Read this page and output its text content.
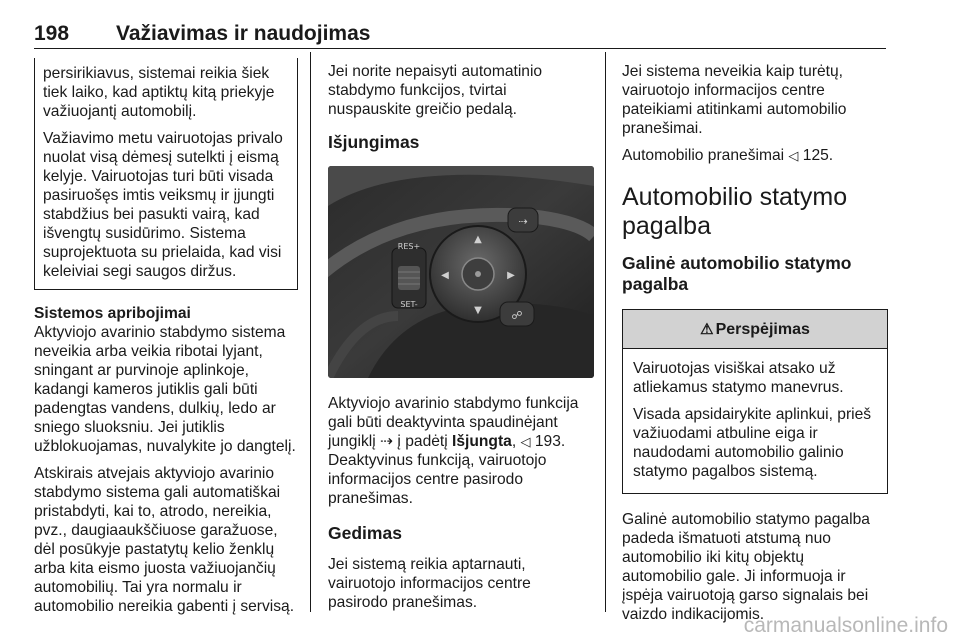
198 Važiavimas ir naudojimas

persirikiavus, sistemai reikia šiek tiek laiko, kad aptiktų kitą priekyje važiuojantį automobilį.

Važiavimo metu vairuotojas privalo nuolat visą dėmesį sutelkti į eismą kelyje. Vairuotojas turi būti visada pasiruošęs imtis veiksmų ir įjungti stabdžius bei pasukti vairą, kad išvengtų susidūrimo. Sistema suprojektuota su prielaida, kad visi keleiviai segi saugos diržus.

Sistemos apribojimai

Aktyviojo avarinio stabdymo sistema neveikia arba veikia ribotai lyjant, sningant ar purvinoje aplinkoje, kadangi kameros jutiklis gali būti padengtas vandens, dulkių, ledo ar sniego sluoksniu. Jei jutiklis užblokuojamas, nuvalykite jo dangtelį.

Atskirais atvejais aktyviojo avarinio stabdymo sistema gali automatiškai pristabdyti, kai to, atrodo, nereikia, pvz., daugiaaukščiuose garažuose, dėl posūkyje pastatytų kelio ženklų arba kita eismo juosta važiuojančių automobilių. Tai yra normalu ir automobilio nereikia gabenti į servisą.

Jei norite nepaisyti automatinio stabdymo funkcijos, tvirtai nuspauskite greičio pedalą.

Išjungimas
▲
▼
◀	▶
⇢
☍
RES+
SET-

Aktyviojo avarinio stabdymo funkcija gali būti deaktyvinta spaudinėjant jungiklį ⇢ į padėtį Išjungta, ◁ 193. Deaktyvinus funkciją, vairuotojo informacijos centre pasirodo pranešimas.

Gedimas

Jei sistemą reikia aptarnauti, vairuotojo informacijos centre pasirodo pranešimas.

Jei sistema neveikia kaip turėtų, vairuotojo informacijos centre pateikiami atitinkami automobilio pranešimai.

Automobilio pranešimai ◁ 125.

Automobilio statymo pagalba
Galinė automobilio statymo pagalba
⚠ Perspėjimas

Vairuotojas visiškai atsako už atliekamus statymo manevrus.

Visada apsidairykite aplinkui, prieš važiuodami atbuline eiga ir naudodami automobilio galinio statymo pagalbos sistemą.

Galinė automobilio statymo pagalba padeda išmatuoti atstumą nuo automobilio iki kitų objektų automobilio gale. Ji informuoja ir įspėja vairuotoją garso signalais bei vaizdo indikacijomis.

carmanualsonline.info
